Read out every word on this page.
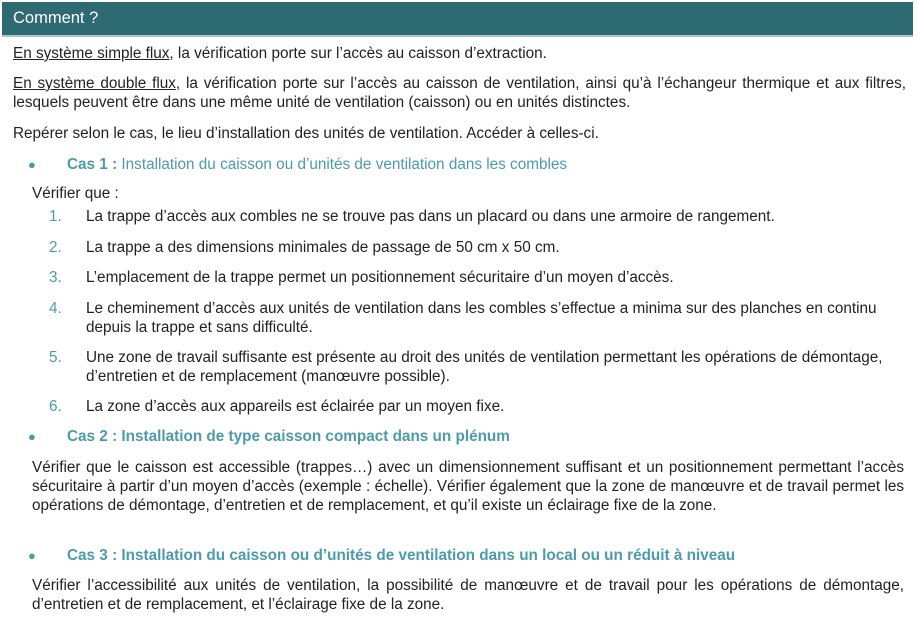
Comment ?
En système simple flux, la vérification porte sur l’accès au caisson d’extraction.
En système double flux, la vérification porte sur l’accès au caisson de ventilation, ainsi qu’à l’échangeur thermique et aux filtres, lesquels peuvent être dans une même unité de ventilation (caisson) ou en unités distinctes.
Repérer selon le cas, le lieu d’installation des unités de ventilation. Accéder à celles-ci.
● Cas 1 : Installation du caisson ou d’unités de ventilation dans les combles
Vérifier que :
1. La trappe d’accès aux combles ne se trouve pas dans un placard ou dans une armoire de rangement.
2. La trappe a des dimensions minimales de passage de 50 cm x 50 cm.
3. L’emplacement de la trappe permet un positionnement sécuritaire d’un moyen d’accès.
4. Le cheminement d’accès aux unités de ventilation dans les combles s’effectue a minima sur des planches en continu depuis la trappe et sans difficulté.
5. Une zone de travail suffisante est présente au droit des unités de ventilation permettant les opérations de démontage, d’entretien et de remplacement (manœuvre possible).
6. La zone d’accès aux appareils est éclairée par un moyen fixe.
● Cas 2 : Installation de type caisson compact dans un plénum
Vérifier que le caisson est accessible (trappes…) avec un dimensionnement suffisant et un positionnement permettant l’accès sécuritaire à partir d’un moyen d’accès (exemple : échelle). Vérifier également que la zone de manœuvre et de travail permet les opérations de démontage, d’entretien et de remplacement, et qu’il existe un éclairage fixe de la zone.
● Cas 3 : Installation du caisson ou d’unités de ventilation dans un local ou un réduit à niveau
Vérifier l’accessibilité aux unités de ventilation, la possibilité de manœuvre et de travail pour les opérations de démontage, d’entretien et de remplacement, et l’éclairage fixe de la zone.
